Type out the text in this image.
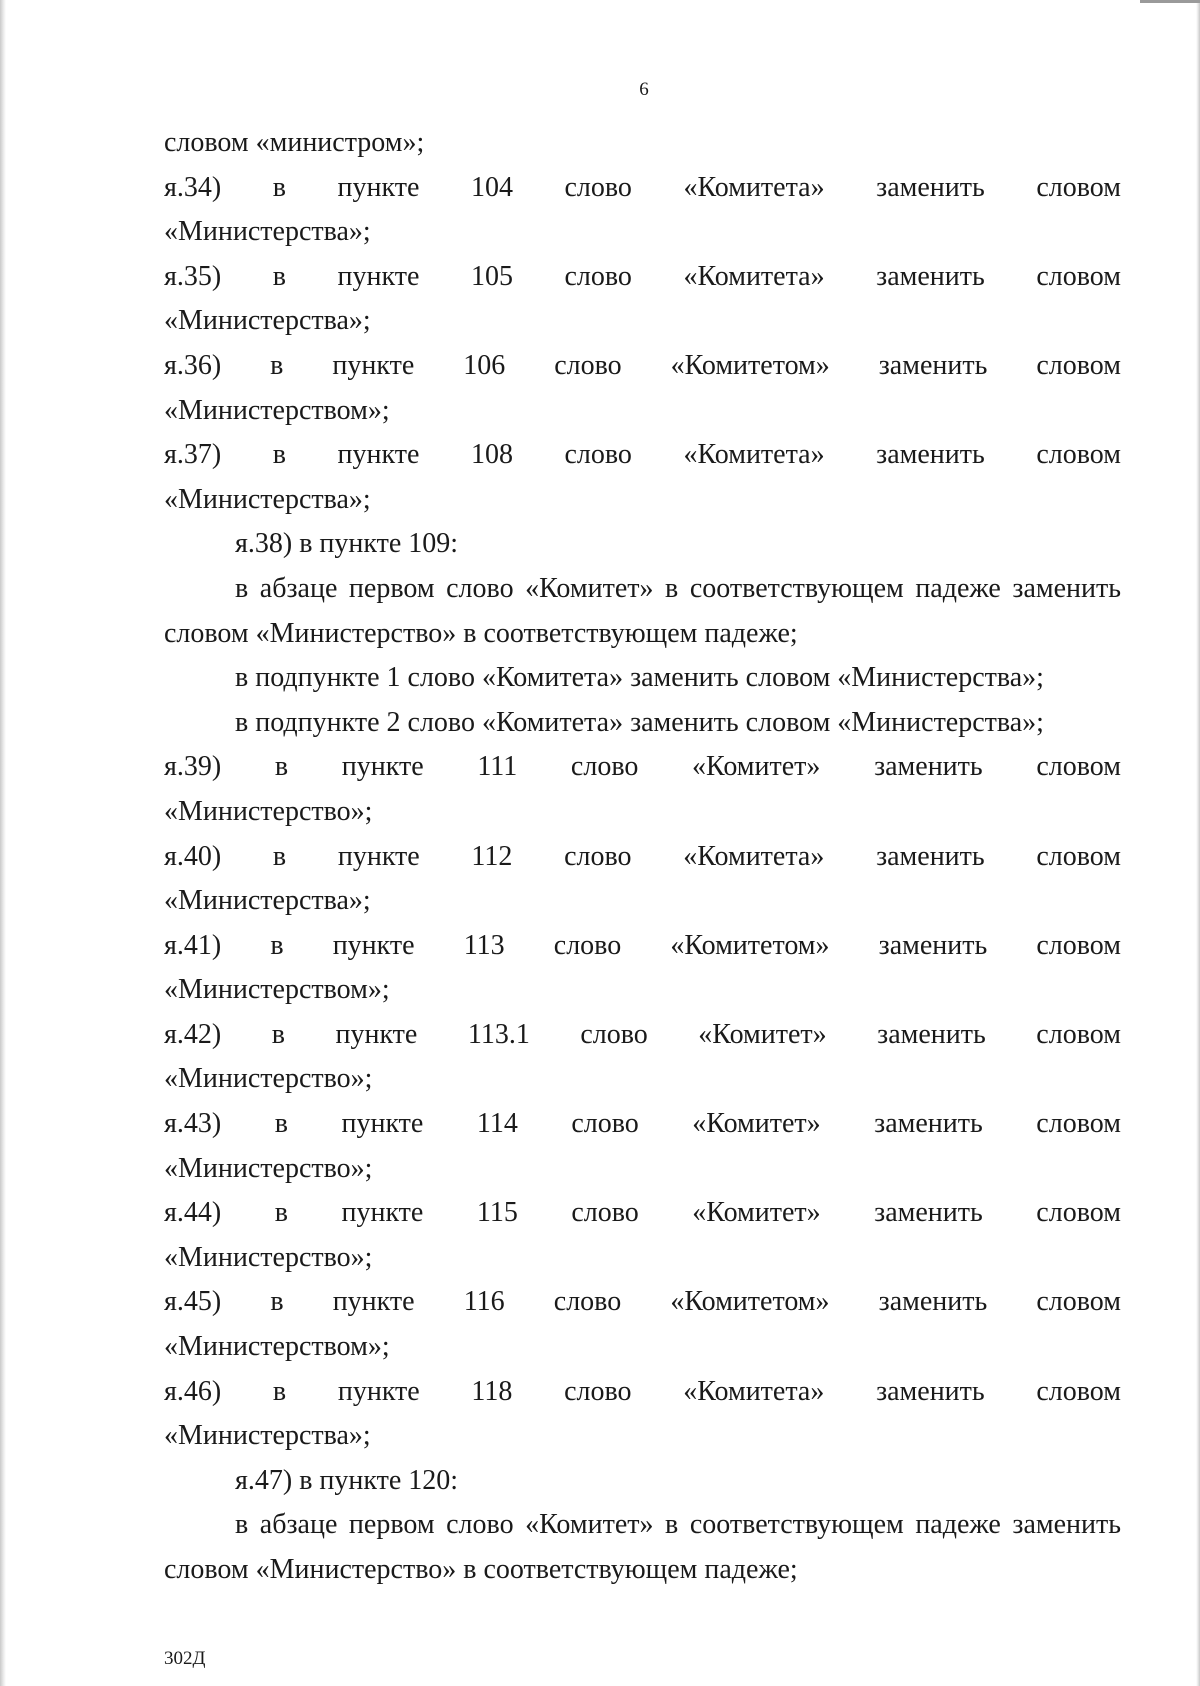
6

словом «министром»;

я.34) в пункте 104 слово «Комитета» заменить словом

«Министерства»;

я.35) в пункте 105 слово «Комитета» заменить словом

«Министерства»;

я.36) в пункте 106 слово «Комитетом» заменить словом

«Министерством»;

я.37) в пункте 108 слово «Комитета» заменить словом

«Министерства»;

я.38) в пункте 109:

в абзаце первом слово «Комитет» в соответствующем падеже заменить словом «Министерство» в соответствующем падеже;

в подпункте 1 слово «Комитета» заменить словом «Министерства»;

в подпункте 2 слово «Комитета» заменить словом «Министерства»;

я.39) в пункте 111 слово «Комитет» заменить словом

«Министерство»;

я.40) в пункте 112 слово «Комитета» заменить словом

«Министерства»;

я.41) в пункте 113 слово «Комитетом» заменить словом

«Министерством»;

я.42) в пункте 113.1 слово «Комитет» заменить словом

«Министерство»;

я.43) в пункте 114 слово «Комитет» заменить словом

«Министерство»;

я.44) в пункте 115 слово «Комитет» заменить словом

«Министерство»;

я.45) в пункте 116 слово «Комитетом» заменить словом

«Министерством»;

я.46) в пункте 118 слово «Комитета» заменить словом

«Министерства»;

я.47) в пункте 120:

в абзаце первом слово «Комитет» в соответствующем падеже заменить словом «Министерство» в соответствующем падеже;

302Д
